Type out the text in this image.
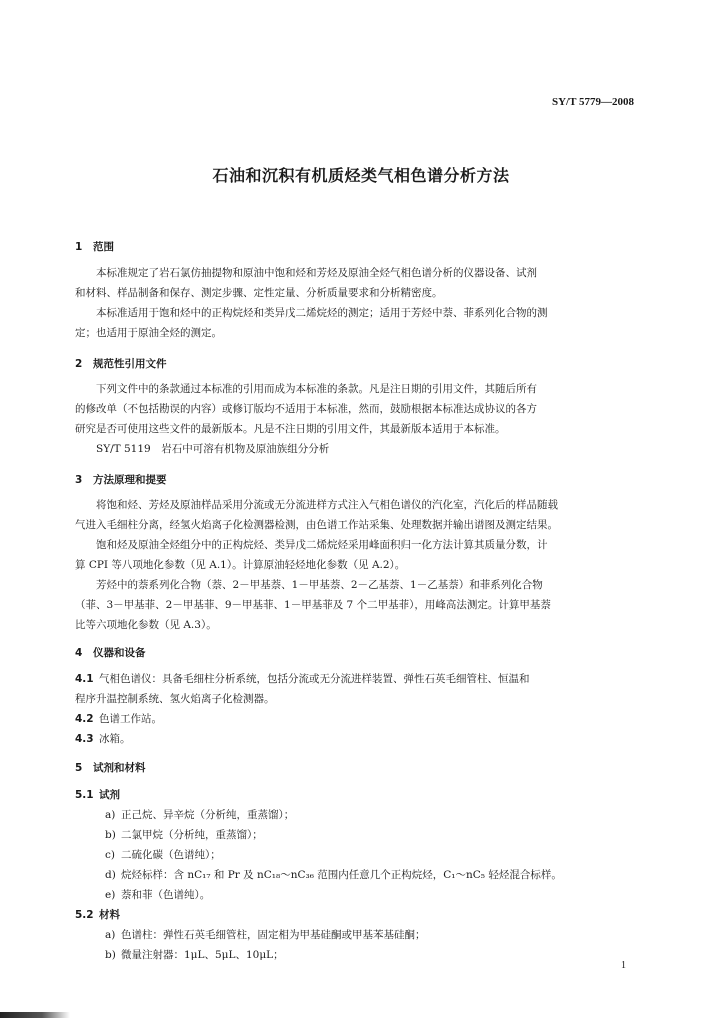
SY/T 5779—2008
石油和沉积有机质烃类气相色谱分析方法
1 范围
本标准规定了岩石氯仿抽提物和原油中饱和烃和芳烃及原油全烃气相色谱分析的仪器设备、试剂
和材料、样品制备和保存、测定步骤、定性定量、分析质量要求和分析精密度。
本标准适用于饱和烃中的正构烷烃和类异戊二烯烷烃的测定；适用于芳烃中萘、菲系列化合物的测
定；也适用于原油全烃的测定。
2 规范性引用文件
下列文件中的条款通过本标准的引用而成为本标准的条款。凡是注日期的引用文件，其随后所有
的修改单（不包括勘误的内容）或修订版均不适用于本标准，然而，鼓励根据本标准达成协议的各方
研究是否可使用这些文件的最新版本。凡是不注日期的引用文件，其最新版本适用于本标准。
SY/T 5119　岩石中可溶有机物及原油族组分分析
3 方法原理和提要
将饱和烃、芳烃及原油样品采用分流或无分流进样方式注入气相色谱仪的汽化室，汽化后的样品随载
气进入毛细柱分离，经氢火焰离子化检测器检测，由色谱工作站采集、处理数据并输出谱图及测定结果。
饱和烃及原油全烃组分中的正构烷烃、类异戊二烯烷烃采用峰面积归一化方法计算其质量分数，计
算 CPI 等八项地化参数（见 A.1）。计算原油轻烃地化参数（见 A.2）。
芳烃中的萘系列化合物（萘、2－甲基萘、1－甲基萘、2－乙基萘、1－乙基萘）和菲系列化合物
（菲、3－甲基菲、2－甲基菲、9－甲基菲、1－甲基菲及 7 个二甲基菲），用峰高法测定。计算甲基萘
比等六项地化参数（见 A.3）。
4 仪器和设备
4.1 气相色谱仪：具备毛细柱分析系统，包括分流或无分流进样装置、弹性石英毛细管柱、恒温和
程序升温控制系统、氢火焰离子化检测器。
4.2 色谱工作站。
4.3 冰箱。
5 试剂和材料
5.1 试剂
a) 正己烷、异辛烷（分析纯，重蒸馏）；
b) 二氯甲烷（分析纯，重蒸馏）；
c) 二硫化碳（色谱纯）；
d) 烷烃标样：含 nC₁₇ 和 Pr 及 nC₁₈～nC₃₆ 范围内任意几个正构烷烃，C₁～nC₅ 轻烃混合标样。
e) 萘和菲（色谱纯）。
5.2 材料
a) 色谱柱：弹性石英毛细管柱，固定相为甲基硅酮或甲基苯基硅酮；
b) 微量注射器：1μL、5μL、10μL；
1
